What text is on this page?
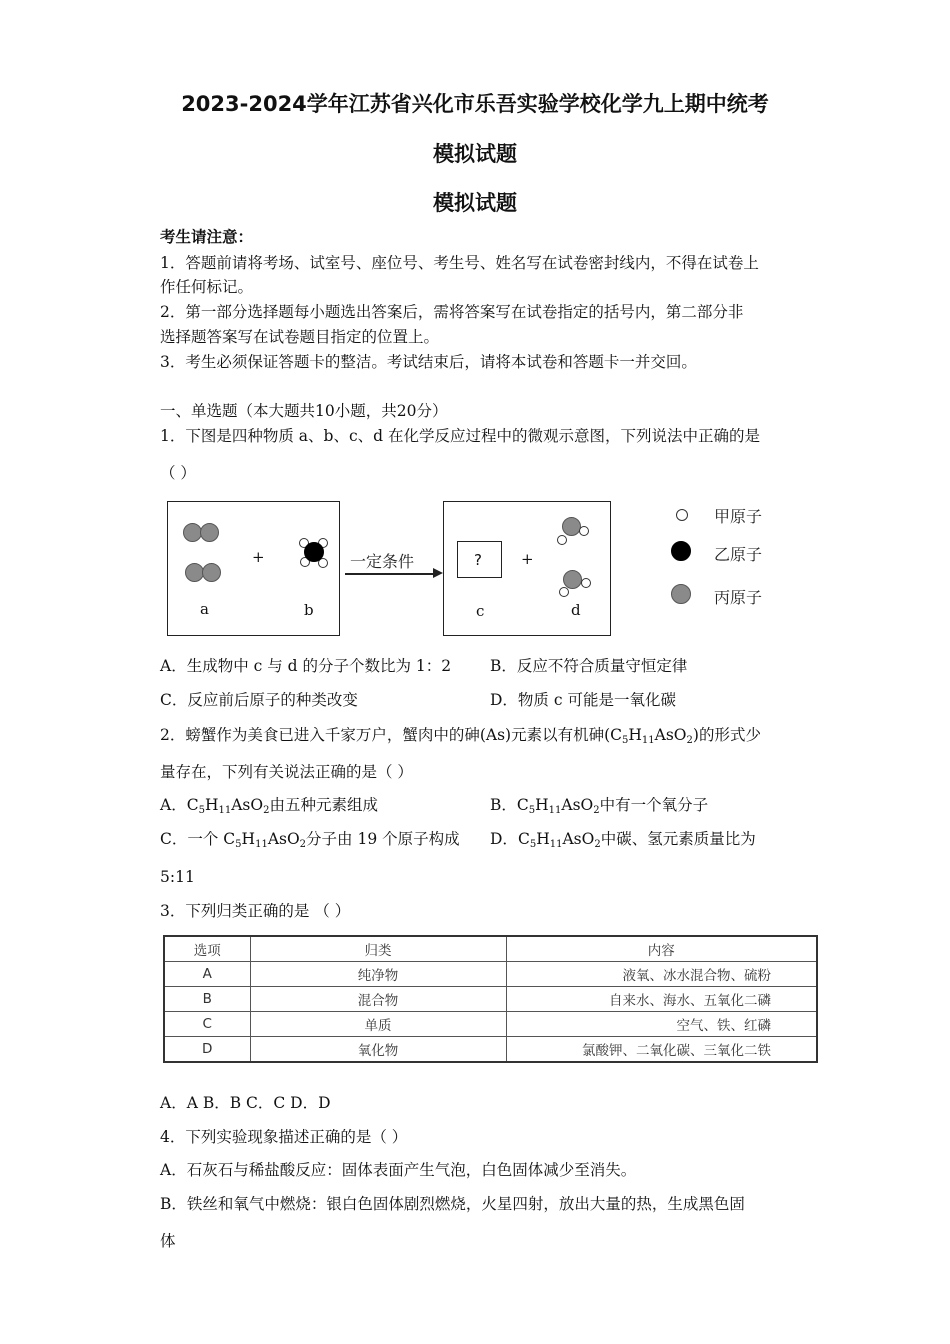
2023-2024学年江苏省兴化市乐吾实验学校化学九上期中统考
模拟试题
模拟试题
考生请注意：
1．答题前请将考场、试室号、座位号、考生号、姓名写在试卷密封线内，不得在试卷上
作任何标记。
2．第一部分选择题每小题选出答案后，需将答案写在试卷指定的括号内，第二部分非
选择题答案写在试卷题目指定的位置上。
3．考生必须保证答题卡的整洁。考试结束后，请将本试卷和答题卡一并交回。
一、单选题（本大题共10小题，共20分）
1．下图是四种物质 a、b、c、d 在化学反应过程中的微观示意图，下列说法中正确的是
（ ）
a
+
b
一定条件	?
c
+
d
甲原子
乙原子
丙原子
A．生成物中 c 与 d 的分子个数比为 1：2	B．反应不符合质量守恒定律
C．反应前后原子的种类改变	D．物质 c 可能是一氧化碳
2．螃蟹作为美食已进入千家万户，蟹肉中的砷(As)元素以有机砷$(C_5H_{11}AsO_2)$的形式少
量存在，下列有关说法正确的是（ ）
A．$C_5H_{11}AsO_2$由五种元素组成	B．$C_5H_{11}AsO_2$中有一个氧分子
C．一个 $C_5H_{11}AsO_2$分子由 19 个原子构成 D．$C_5H_{11}AsO_2$中碳、氢元素质量比为
5:11
3．下列归类正确的是 （ ）
选项	归类	内容
A	纯净物	液氧、冰水混合物、硫粉
B	混合物	自来水、海水、五氧化二磷
C	单质	空气、铁、红磷
D	氧化物	氯酸钾、二氧化碳、三氧化二铁
A．A B．B C．C D．D
4．下列实验现象描述正确的是（ ）
A．石灰石与稀盐酸反应：固体表面产生气泡，白色固体减少至消失。
B．铁丝和氧气中燃烧：银白色固体剧烈燃烧，火星四射，放出大量的热，生成黑色固
体
